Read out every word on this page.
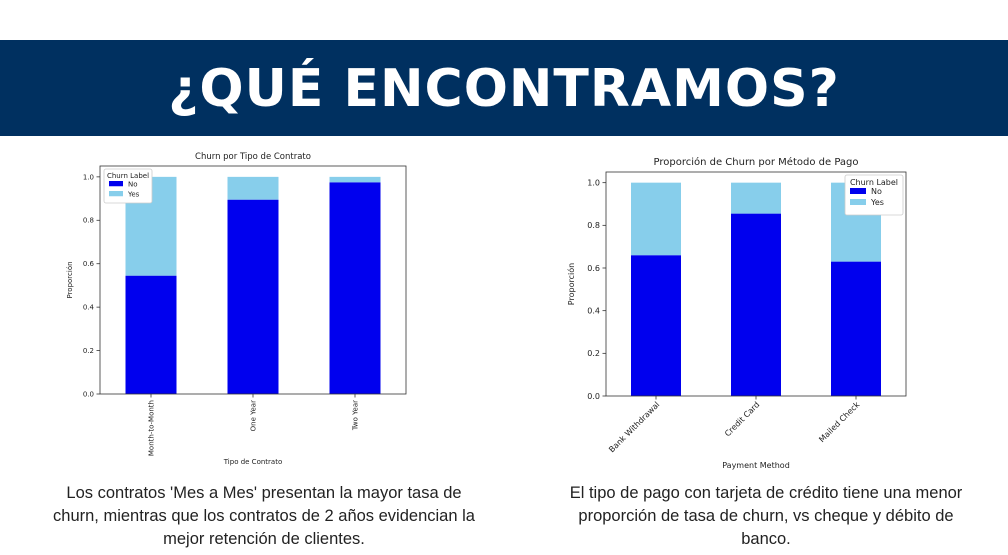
¿QUÉ ENCONTRAMOS?
Churn por Tipo de Contrato
0.0
0.2
0.4
0.6
0.8
1.0
Month-to-Month	One Year	Two Year
Tipo de Contrato
Proporción
Churn Label
No
Yes
Proporción de Churn por Método de Pago
0.0
0.2
0.4
0.6
0.8
1.0
Bank Withdrawal	Credit Card	Mailed Check
Payment Method
Proporción
Churn Label
No
Yes
Los contratos 'Mes a Mes' presentan la mayor tasa de churn, mientras que los contratos de 2 años evidencian la mejor retención de clientes.
El tipo de pago con tarjeta de crédito tiene una menor proporción de tasa de churn, vs cheque y débito de banco.
